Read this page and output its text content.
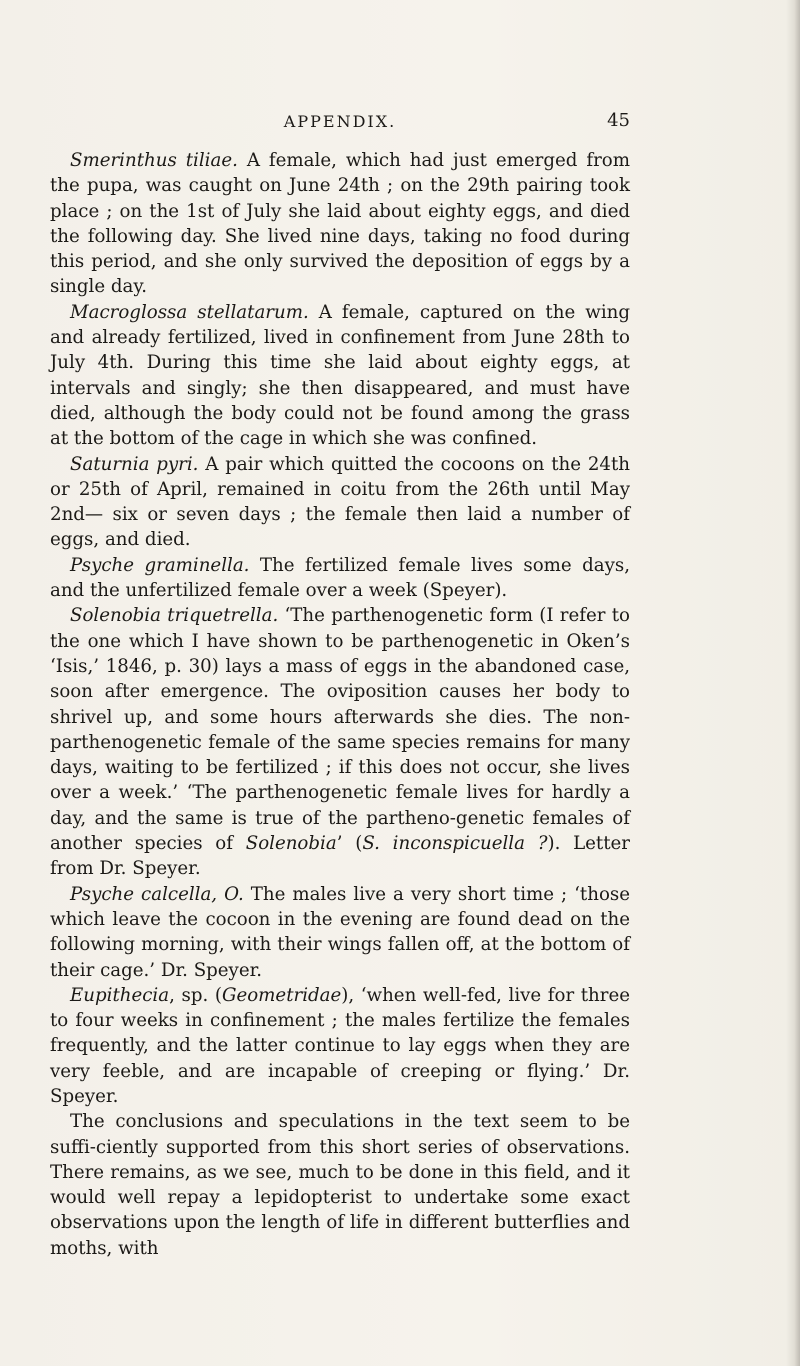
APPENDIX.	45

Smerinthus tiliae. A female, which had just emerged from the pupa, was caught on June 24th ; on the 29th pairing took place ; on the 1st of July she laid about eighty eggs, and died the following day. She lived nine days, taking no food during this period, and she only survived the deposition of eggs by a single day.

Macroglossa stellatarum. A female, captured on the wing and already fertilized, lived in confinement from June 28th to July 4th. During this time she laid about eighty eggs, at intervals and singly; she then disappeared, and must have died, although the body could not be found among the grass at the bottom of the cage in which she was confined.

Saturnia pyri. A pair which quitted the cocoons on the 24th or 25th of April, remained in coitu from the 26th until May 2nd— six or seven days ; the female then laid a number of eggs, and died.

Psyche graminella. The fertilized female lives some days, and the unfertilized female over a week (Speyer).

Solenobia triquetrella. ‘The parthenogenetic form (I refer to the one which I have shown to be parthenogenetic in Oken’s ‘Isis,’ 1846, p. 30) lays a mass of eggs in the abandoned case, soon after emergence. The oviposition causes her body to shrivel up, and some hours afterwards she dies. The non-parthenogenetic female of the same species remains for many days, waiting to be fertilized ; if this does not occur, she lives over a week.’ ‘The parthenogenetic female lives for hardly a day, and the same is true of the partheno-genetic females of another species of Solenobia’ (S. inconspicuella ?). Letter from Dr. Speyer.

Psyche calcella, O. The males live a very short time ; ‘those which leave the cocoon in the evening are found dead on the following morning, with their wings fallen off, at the bottom of their cage.’ Dr. Speyer.

Eupithecia, sp. (Geometridae), ‘when well-fed, live for three to four weeks in confinement ; the males fertilize the females frequently, and the latter continue to lay eggs when they are very feeble, and are incapable of creeping or flying.’ Dr. Speyer.

The conclusions and speculations in the text seem to be suffi-ciently supported from this short series of observations. There remains, as we see, much to be done in this field, and it would well repay a lepidopterist to undertake some exact observations upon the length of life in different butterflies and moths, with
